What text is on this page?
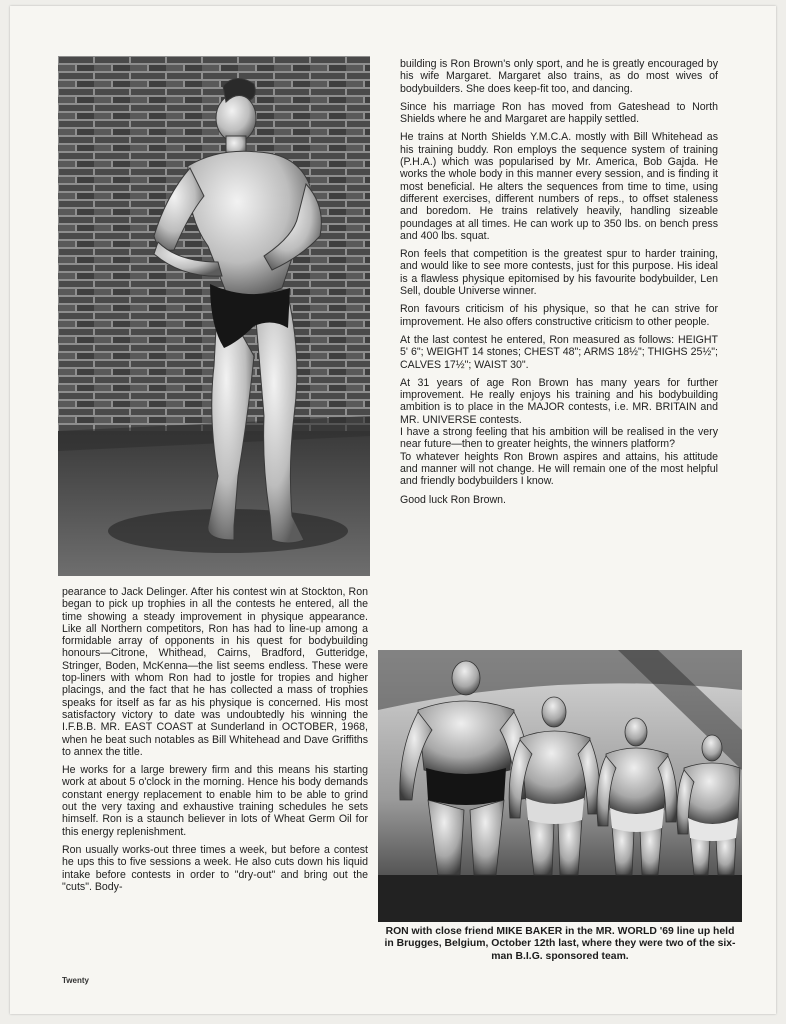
building is Ron Brown's only sport, and he is greatly encouraged by his wife Margaret. Margaret also trains, as do most wives of bodybuilders. She does keep-fit too, and dancing.

Since his marriage Ron has moved from Gateshead to North Shields where he and Margaret are happily settled.

He trains at North Shields Y.M.C.A. mostly with Bill Whitehead as his training buddy. Ron employs the sequence system of training (P.H.A.) which was popularised by Mr. America, Bob Gajda. He works the whole body in this manner every session, and is finding it most beneficial. He alters the sequences from time to time, using different exercises, different numbers of reps., to offset staleness and boredom. He trains relatively heavily, handling sizeable poundages at all times. He can work up to 350 lbs. on bench press and 400 lbs. squat.

Ron feels that competition is the greatest spur to harder training, and would like to see more contests, just for this purpose. His ideal is a flawless physique epitomised by his favourite bodybuilder, Len Sell, double Universe winner.

Ron favours criticism of his physique, so that he can strive for improvement. He also offers constructive criticism to other people.

At the last contest he entered, Ron measured as follows: HEIGHT 5' 6"; WEIGHT 14 stones; CHEST 48"; ARMS 18½"; THIGHS 25½"; CALVES 17½"; WAIST 30".

At 31 years of age Ron Brown has many years for further improvement. He really enjoys his training and his bodybuilding ambition is to place in the MAJOR contests, i.e. MR. BRITAIN and MR. UNIVERSE contests.

I have a strong feeling that his ambition will be realised in the very near future—then to greater heights, the winners platform?

To whatever heights Ron Brown aspires and attains, his attitude and manner will not change. He will remain one of the most helpful and friendly bodybuilders I know.

Good luck Ron Brown.

pearance to Jack Delinger. After his contest win at Stockton, Ron began to pick up trophies in all the contests he entered, all the time showing a steady improvement in physique appearance. Like all Northern competitors, Ron has had to line-up among a formidable array of opponents in his quest for bodybuilding honours—Citrone, Whithead, Cairns, Bradford, Gutteridge, Stringer, Boden, McKenna—the list seems endless. These were top-liners with whom Ron had to jostle for tropies and higher placings, and the fact that he has collected a mass of trophies speaks for itself as far as his physique is concerned. His most satisfactory victory to date was undoubtedly his winning the I.F.B.B. MR. EAST COAST at Sunderland in OCTOBER, 1968, when he beat such notables as Bill Whitehead and Dave Griffiths to annex the title.

He works for a large brewery firm and this means his starting work at about 5 o'clock in the morning. Hence his body demands constant energy replacement to enable him to be able to grind out the very taxing and exhaustive training schedules he sets himself. Ron is a staunch believer in lots of Wheat Germ Oil for this energy replenishment.

Ron usually works-out three times a week, but before a contest he ups this to five sessions a week. He also cuts down his liquid intake before contests in order to "dry-out" and bring out the "cuts". Body-

RON with close friend MIKE BAKER in the MR. WORLD '69 line up held in Brugges, Belgium, October 12th last, where they were two of the six-man B.I.G. sponsored team.
Twenty
